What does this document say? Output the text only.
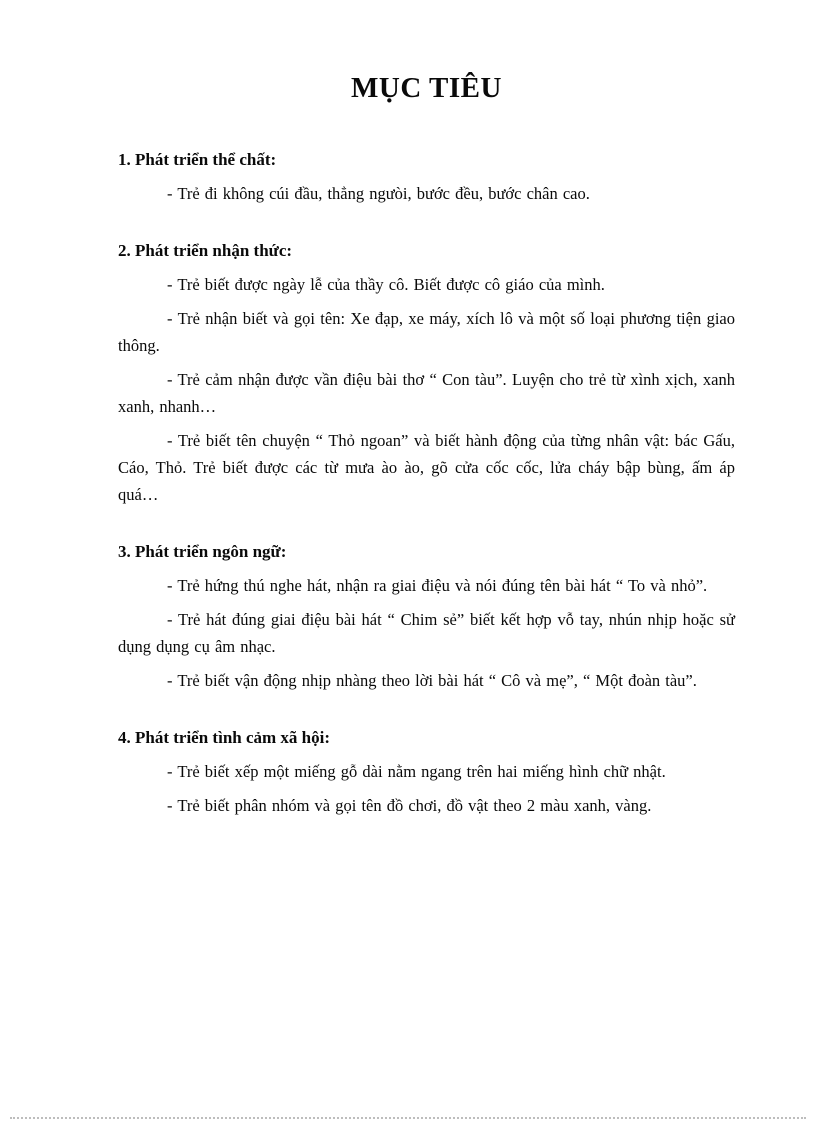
MỤC TIÊU
1. Phát triển thể chất:

- Trẻ đi không cúi đầu, thẳng ngưòi, bước đều, bước chân cao.

2. Phát triển nhận thức:

- Trẻ biết được ngày lễ của thầy cô. Biết được cô giáo của mình.

- Trẻ nhận biết và gọi tên: Xe đạp, xe máy, xích lô và một số loại phương tiện giao thông.

- Trẻ cảm nhận được vần điệu bài thơ “ Con tàu”. Luyện cho trẻ từ xình xịch, xanh xanh, nhanh…

- Trẻ biết tên chuyện “ Thỏ ngoan” và biết hành động của từng nhân vật: bác Gấu, Cáo, Thỏ. Trẻ biết được các từ mưa ào ào, gõ cửa cốc cốc, lửa cháy bập bùng, ấm áp quá…

3. Phát triển ngôn ngữ:

- Trẻ hứng thú nghe hát, nhận ra giai điệu và nói đúng tên bài hát “ To và nhỏ”.

- Trẻ hát đúng giai điệu bài hát “ Chim sẻ” biết kết hợp vỗ tay, nhún nhịp hoặc sử dụng dụng cụ âm nhạc.

- Trẻ biết vận động nhịp nhàng theo lời bài hát “ Cô và mẹ”, “ Một đoàn tàu”.

4. Phát triển tình cảm xã hội:

- Trẻ biết xếp một miếng gỗ dài nằm ngang trên hai miếng hình chữ nhật.

- Trẻ biết phân nhóm và gọi tên đồ chơi, đồ vật theo 2 màu xanh, vàng.
